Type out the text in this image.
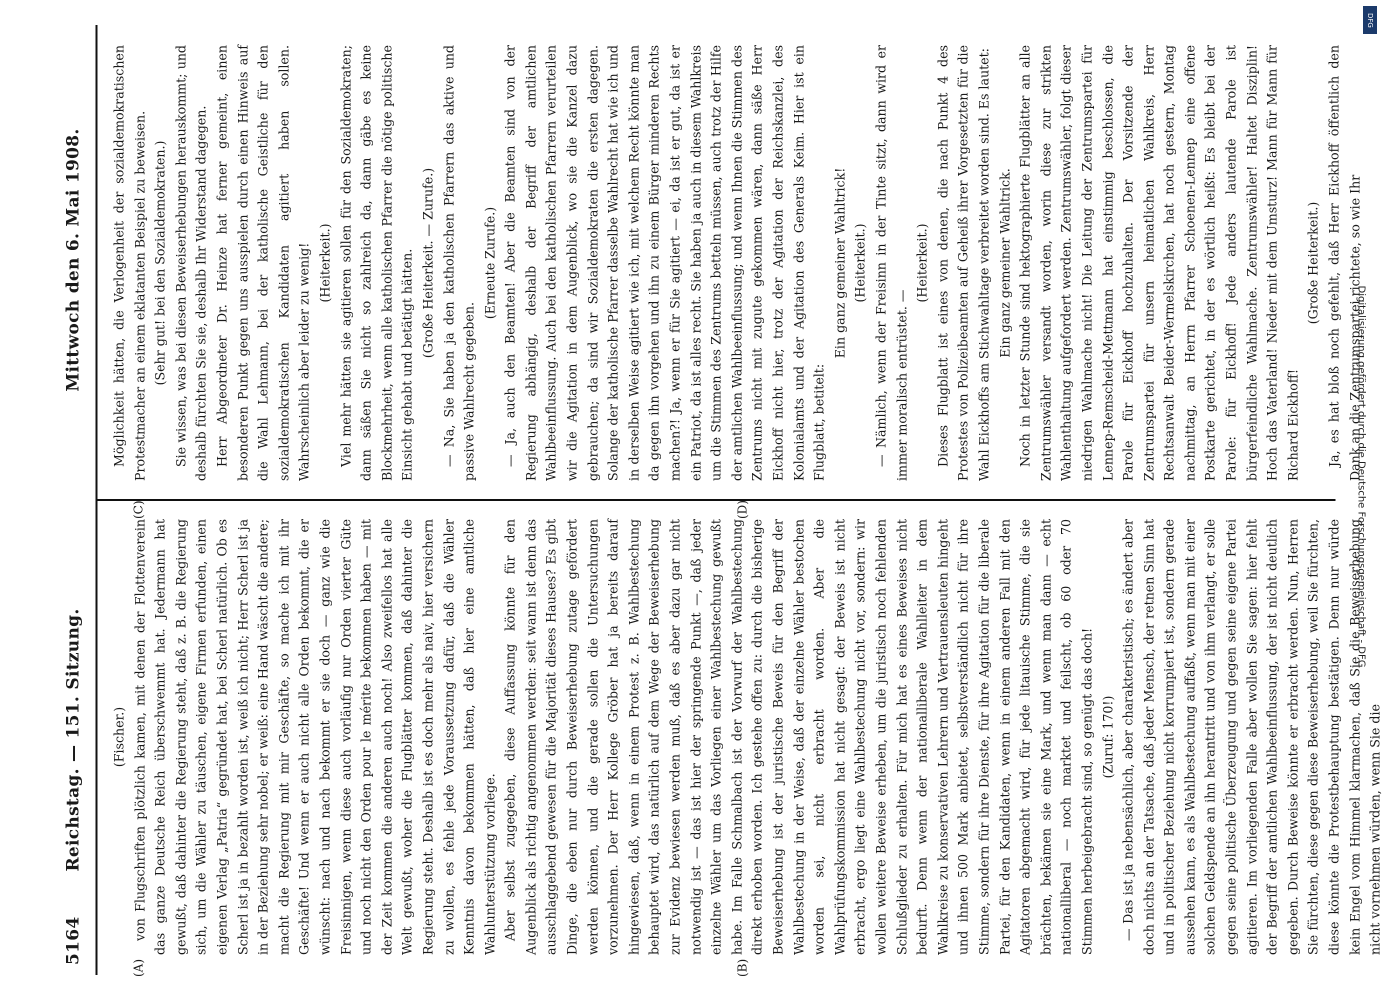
5164
Reichstag. — 151. Sitzung.
Mittwoch den 6. Mai 1908.
(A)	(B)
(C)	(D)

(Fischer.) von Flugschriften plötzlich kamen, mit denen der Flottenverein das ganze Deutsche Reich überschwemmt hat. Jedermann hat gewußt, daß dahinter die Regierung steht, daß z. B. die Regierung sich, um die Wähler zu täuschen, eigene Firmen erfunden, einen eigenen Verlag „Patria“ gegründet hat, bei Scherl natürlich. Ob es Scherl ist ja in bezahlt worden ist, weiß ich nicht; Herr Scherl ist ja in der Beziehung sehr nobel; er weiß: eine Hand wäscht die andere; macht die Regierung mit mir Geschäfte, so mache ich mit ihr Geschäfte! Und wenn er auch nicht alle Orden bekommt, die er wünscht: nach und nach bekommt er sie doch — ganz wie die Freisinnigen, wenn diese auch vorläufig nur Orden vierter Güte und noch nicht den Orden pour le mérite bekommen haben — mit der Zeit kommen die anderen auch noch! Also zweifellos hat alle Welt gewußt, woher die Flugblätter kommen, daß dahinter die Regierung steht. Deshalb ist es doch mehr als naiv, hier versichern zu wollen, es fehle jede Voraussetzung dafür, daß die Wähler Kenntnis davon bekommen hätten, daß hier eine amtliche Wahlunterstützung vorliege. Aber selbst zugegeben, diese Auffassung könnte für den Augenblick als richtig angenommen werden: seit wann ist denn das ausschlaggebend gewesen für die Majorität dieses Hauses? Es gibt Dinge, die eben nur durch Beweiserhebung zutage gefördert werden können, und die gerade sollen die Untersuchungen vorzunehmen. Der Herr Kollege Gröber hat ja bereits darauf hingewiesen, daß, wenn in einem Protest z. B. Wahlbestechung behauptet wird, das natürlich auf dem Wege der Beweiserhebung zur Evidenz bewiesen werden muß, daß es aber dazu gar nicht notwendig ist — das ist hier der springende Punkt —, daß jeder einzelne Wähler um das Vorliegen einer Wahlbestechung gewußt habe. Im Falle Schmalbach ist der Vorwurf der Wahlbestechung direkt erhoben worden. Ich gestehe offen zu: durch die bisherige Beweiserhebung ist der juristische Beweis für den Begriff der Wahlbestechung in der Weise, daß der einzelne Wähler bestochen worden sei, nicht erbracht worden. Aber die Wahlprüfungskommission hat nicht gesagt: der Beweis ist nicht erbracht, ergo liegt eine Wahlbestechung nicht vor, sondern: wir wollen weitere Beweise erheben, um die juristisch noch fehlenden Schlußglieder zu erhalten. Für mich hat es eines Beweises nicht bedurft. Denn wenn der nationalliberale Wahlleiter in dem Wahlkreise zu konservativen Lehrern und Vertrauensleuten hingeht und ihnen 500 Mark anbietet, selbstverständlich nicht für ihre Stimme, sondern für ihre Dienste, für ihre Agitation für die liberale Partei, für den Kandidaten, wenn in einem anderen Fall mit den Agitatoren abgemacht wird, für jede litauische Stimme, die sie brächten, bekämen sie eine Mark, und wenn man dann — echt nationalliberal — noch marktet und feilscht, ob 60 oder 70 Stimmen herbeigebracht sind, so genügt das doch! (Zuruf: 170!) — Das ist ja nebensächlich, aber charakteristisch; es ändert aber doch nichts an der Tatsache, daß jeder Mensch, der retnen Sinn hat und in politischer Beziehung nicht korrumpiert ist, sondern gerade aussehen kann, es als Wahlbestechung auffaßt, wenn man mit einer solchen Geldspende an ihn herantritt und von ihm verlangt, er solle gegen seine politische Überzeugung und gegen seine eigene Partei agitieren. Im vorliegenden Falle aber wollen Sie sagen: hier fehlt der Begriff der amtlichen Wahlbeeinflussung, der ist nicht deutlich gegeben. Durch Beweise könnte er erbracht werden. Nun, Herren Sie fürchten, diese gegen diese Beweiserhebung, weil Sie fürchten, diese könnte die Protestbehauptung bestätigen. Denn nur würde kein Engel vom Himmel klarmachen, daß Sie die Beweiserhebung nicht vornehmen würden, wenn Sie die

Möglichkeit hätten, die Verlogenheit der sozialdemokratischen Protestmacher an einem eklatanten Beispiel zu beweisen. (Sehr gut! bei den Sozialdemokraten.) Sie wissen, was bei diesen Beweiserhebungen herauskommt; und deshalb fürchten Sie sie, deshalb Ihr Widerstand dagegen. Herr Abgeordneter Dr. Heinze hat ferner gemeint, einen besonderen Punkt gegen uns ausspielen durch einen Hinweis auf die Wahl Lehmann, bei der katholische Geistliche für den sozialdemokratischen Kandidaten agitiert haben sollen. Wahrscheinlich aber leider zu wenig! (Heiterkeit.) Viel mehr hätten sie agitieren sollen für den Sozialdemokraten; dann säßen Sie nicht so zahlreich da, dann gäbe es keine Blockmehrheit, wenn alle katholischen Pfarrer die nötige politische Einsicht gehabt und betätigt hätten. (Große Heiterkeit. — Zurufe.) — Na, Sie haben ja den katholischen Pfarrern das aktive und passive Wahlrecht gegeben.

(Erneute Zurufe.) — Ja, auch den Beamten! Aber die Beamten sind von der Regierung abhängig, deshalb der Begriff der amtlichen Wahlbeeinflussung. Auch bei den katholischen Pfarrern verurteilen wir die Agitation in dem Augenblick, wo sie die Kanzel dazu gebrauchen; da sind wir Sozialdemokraten die ersten dagegen. Solange der katholische Pfarrer dasselbe Wahlrecht hat wie ich und in derselben Weise agitiert wie ich, mit welchem Recht könnte man da gegen ihn vorgehen und ihn zu einem Bürger minderen Rechts machen?! Ja, wenn er für Sie agitiert — ei, da ist er gut, da ist er ein Patriot, da ist alles recht. Sie haben ja auch in diesem Wahlkreis um die Stimmen des Zentrums betteln müssen, auch trotz der Hilfe der amtlichen Wahlbeeinflussung; und wenn Ihnen die Stimmen des Zentrums nicht mit zugute gekommen wären, dann säße Herr Eickhoff nicht hier, trotz der Agitation der Reichskanzlei, des Kolonialamts und der Agitation des Generals Keim. Hier ist ein Flugblatt, betitelt:

Ein ganz gemeiner Wahltrick! (Heiterkeit.) — Nämlich, wenn der Freisinn in der Tinte sitzt, dann wird er immer moralisch entrüstet. —

(Heiterkeit.) Dieses Flugblatt ist eines von denen, die nach Punkt 4 des Protestes von Polizeibeamten auf Geheiß ihrer Vorgesetzten für die Wahl Eickhoffs am Stichwahltage verbreitet worden sind. Es lautet: Ein ganz gemeiner Wahltrick. Noch in letzter Stunde sind hektographierte Flugblätter an alle Zentrumswähler versandt worden, worin diese zur strikten Wahlenthaltung aufgefordert werden. Zentrumswähler, folgt dieser niedrigen Wahlmache nicht! Die Leitung der Zentrumspartei für Lennep-Remscheid-Mettmann hat einstimmig beschlossen, die Parole für Eickhoff hochzuhalten. Der Vorsitzende der Zentrumspartei für unsern heimatlichen Wahlkreis, Herr Rechtsanwalt Beider-Wermelskirchen, hat noch gestern, Montag nachmittag, an Herrn Pfarrer Schoenen-Lennep eine offene Postkarte gerichtet, in der es wörtlich heißt: Es bleibt bei der Parole: für Eickhoff! Jede anders lautende Parole ist bürgerfeindliche Wahlmache. Zentrumswähler! Haltet Disziplin! Hoch das Vaterland! Nieder mit dem Umsturz! Mann für Mann für Richard Eickhoff!

(Große Heiterkeit.) Ja, es hat bloß noch gefehlt, daß Herr Eickhoff öffentlich den Dank an die Zentrumspartei richtete, so wie Ihr

Digitalisierung gefördert durch die Deutsche Forschungsgemeinschaft - DFG
DFG
